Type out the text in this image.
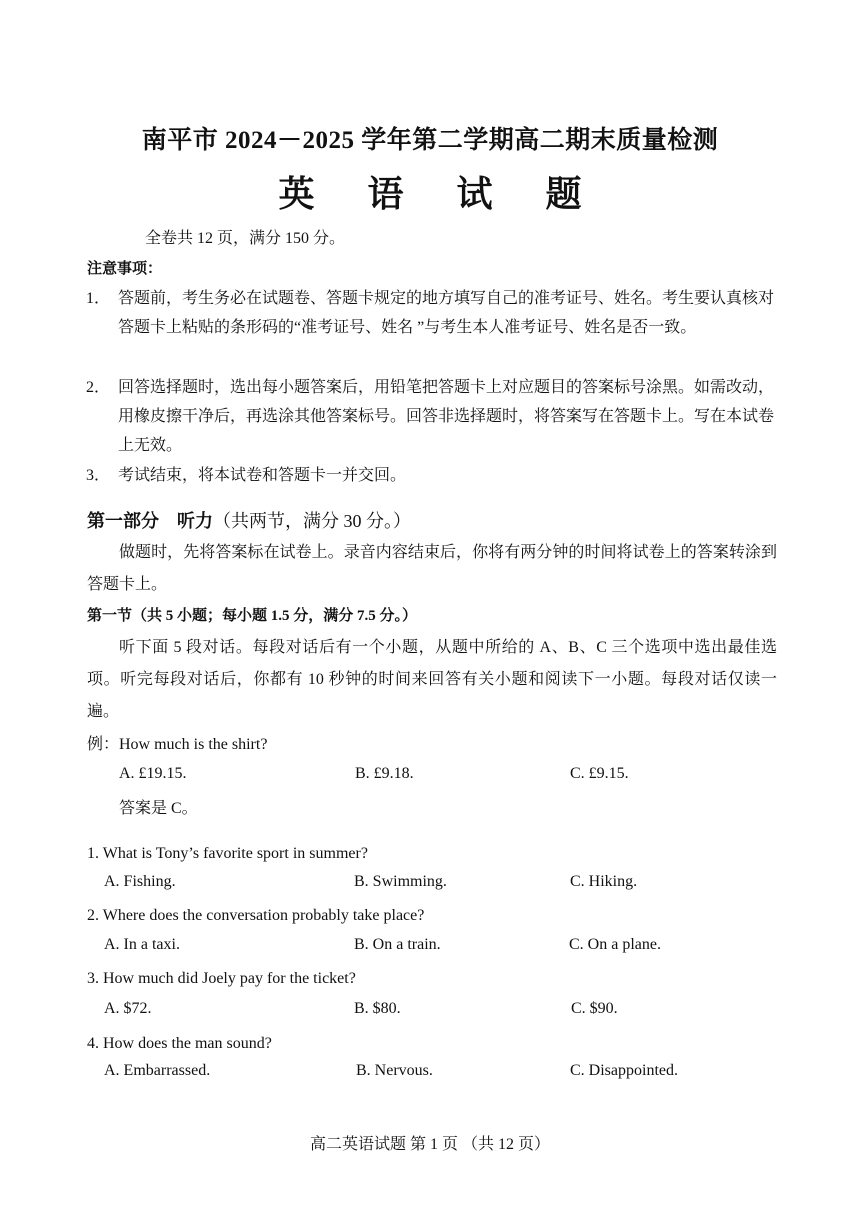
南平市 2024－2025 学年第二学期高二期末质量检测
英 语 试 题
全卷共 12 页，满分 150 分。
注意事项：
1． 答题前，考生务必在试题卷、答题卡规定的地方填写自己的准考证号、姓名。考生要认真核对答题卡上粘贴的条形码的“准考证号、姓名 ”与考生本人准考证号、姓名是否一致。
2． 回答选择题时，选出每小题答案后，用铅笔把答题卡上对应题目的答案标号涂黑。如需改动，用橡皮擦干净后，再选涂其他答案标号。回答非选择题时，将答案写在答题卡上。写在本试卷上无效。
3． 考试结束，将本试卷和答题卡一并交回。
第一部分　听力（共两节，满分 30 分。）
做题时，先将答案标在试卷上。录音内容结束后，你将有两分钟的时间将试卷上的答案转涂到答题卡上。
第一节（共 5 小题；每小题 1.5 分，满分 7.5 分。）
听下面 5 段对话。每段对话后有一个小题，从题中所给的 A、B、C 三个选项中选出最佳选项。听完每段对话后，你都有 10 秒钟的时间来回答有关小题和阅读下一小题。每段对话仅读一遍。
例：How much is the shirt?
A. £19.15.	B. £9.18.	C. £9.15.
答案是 C。
1. What is Tony’s favorite sport in summer?
A. Fishing.	B. Swimming.	C. Hiking.
2. Where does the conversation probably take place?
A. In a taxi.	B. On a train.	C. On a plane.
3. How much did Joely pay for the ticket?
A. $72.	B. $80.	C. $90.
4. How does the man sound?
A. Embarrassed.	B. Nervous.	C. Disappointed.
高二英语试题 第 1 页 （共 12 页）
